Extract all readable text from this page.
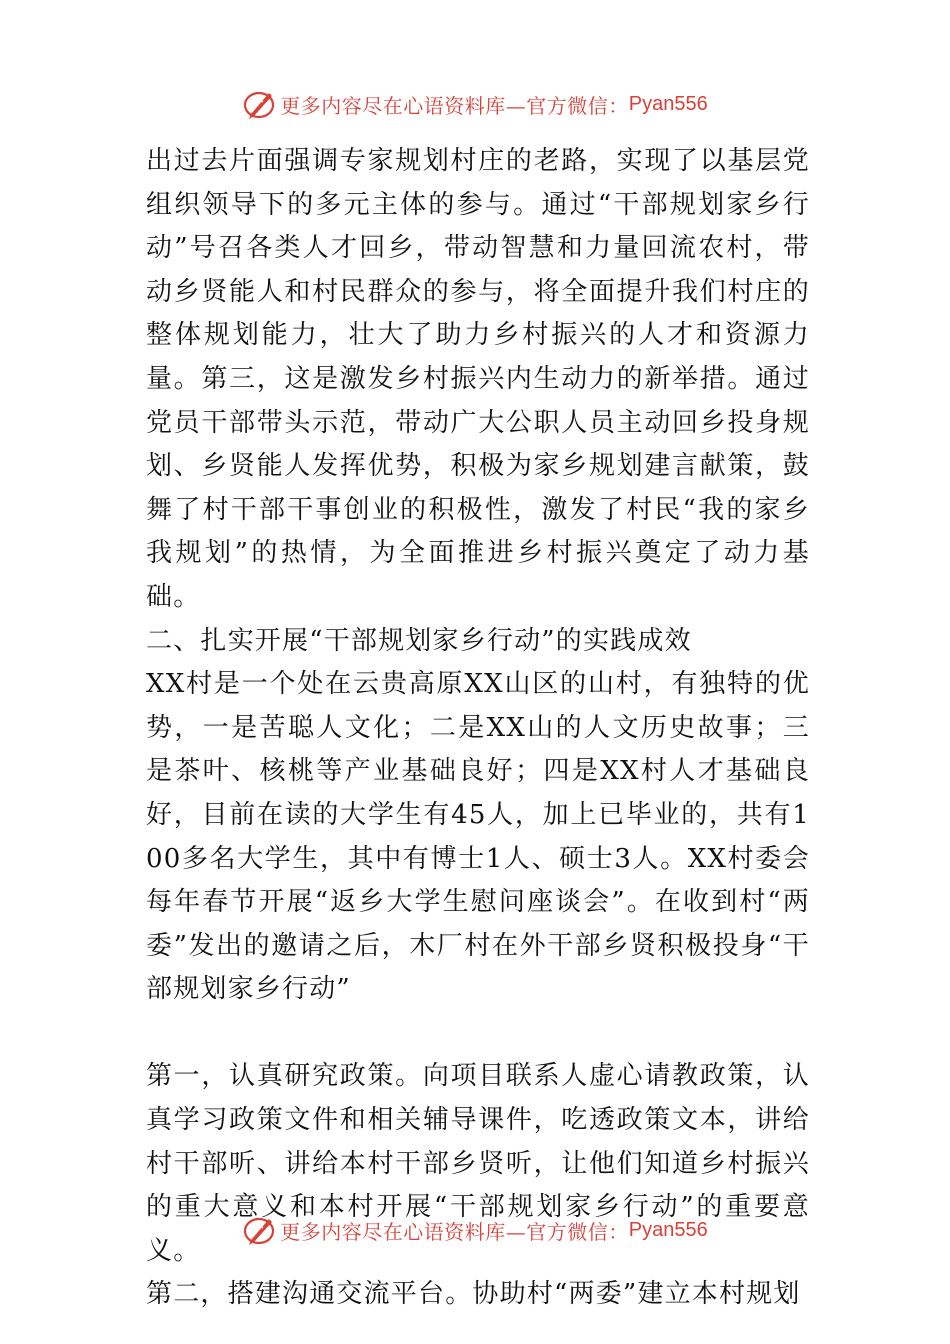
更多内容尽在心语资料库—官方微信： Pyan556

出过去片面强调专家规划村庄的老路，实现了以基层党组织领导下的多元主体的参与。通过“干部规划家乡行动”号召各类人才回乡，带动智慧和力量回流农村，带动乡贤能人和村民群众的参与，将全面提升我们村庄的整体规划能力，壮大了助力乡村振兴的人才和资源力量。第三，这是激发乡村振兴内生动力的新举措。通过党员干部带头示范，带动广大公职人员主动回乡投身规划、乡贤能人发挥优势，积极为家乡规划建言献策，鼓舞了村干部干事创业的积极性，激发了村民“我的家乡我规划”的热情，为全面推进乡村振兴奠定了动力基础。

二、扎实开展“干部规划家乡行动”的实践成效

XX村是一个处在云贵高原XX山区的山村，有独特的优势，一是苦聪人文化；二是XX山的人文历史故事；三是茶叶、核桃等产业基础良好；四是XX村人才基础良好，目前在读的大学生有45人，加上已毕业的，共有100多名大学生，其中有博士1人、硕士3人。XX村委会每年春节开展“返乡大学生慰问座谈会”。在收到村“两委”发出的邀请之后，木厂村在外干部乡贤积极投身“干部规划家乡行动”

第一，认真研究政策。向项目联系人虚心请教政策，认真学习政策文件和相关辅导课件，吃透政策文本，讲给村干部听、讲给本村干部乡贤听，让他们知道乡村振兴的重大意义和本村开展“干部规划家乡行动”的重要意义。

第二，搭建沟通交流平台。协助村“两委”建立本村规划

更多内容尽在心语资料库—官方微信： Pyan556
